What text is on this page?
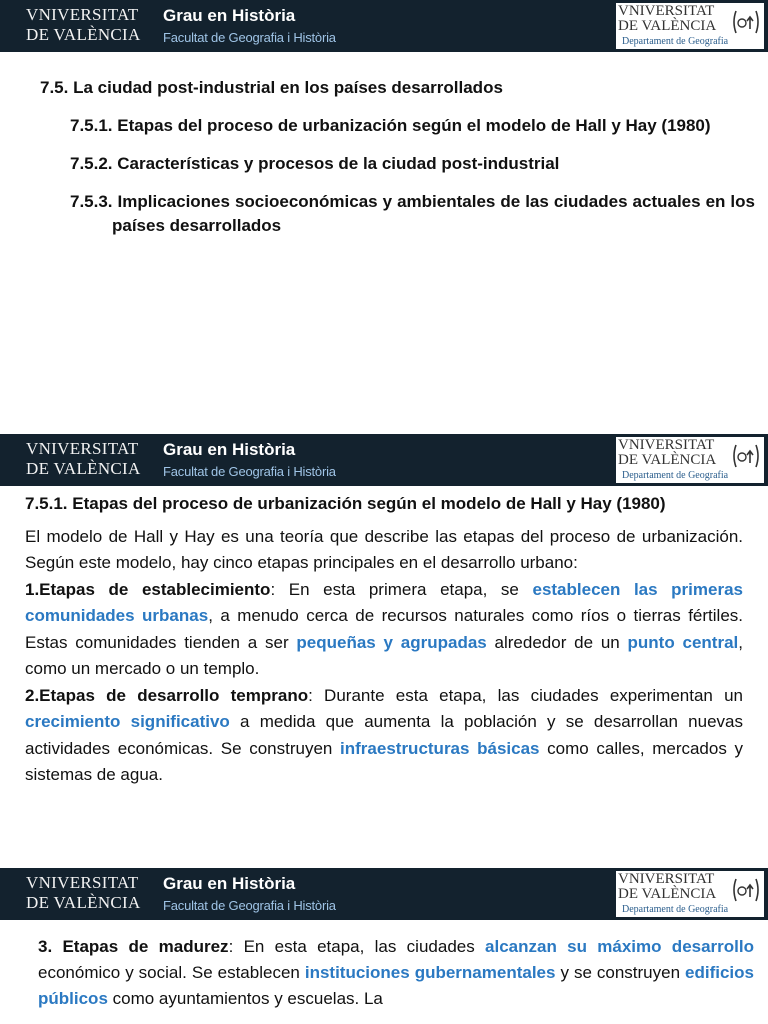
VNIVERSITAT
DE VALÈNCIA
Grau en Història
Facultat de Geografia i Història
VNIVERSITAT
DE VALÈNCIA
Departament de Geografia

7.5. La ciudad post-industrial en los países desarrollados

7.5.1. Etapas del proceso de urbanización según el modelo de Hall y Hay (1980)

7.5.2. Características y procesos de la ciudad post-industrial

7.5.3. Implicaciones socioeconómicas y ambientales de las ciudades actuales en los países desarrollados

VNIVERSITAT
DE VALÈNCIA
Grau en Història
Facultat de Geografia i Història
VNIVERSITAT
DE VALÈNCIA
Departament de Geografia

7.5.1. Etapas del proceso de urbanización según el modelo de Hall y Hay (1980)

El modelo de Hall y Hay es una teoría que describe las etapas del proceso de urbanización. Según este modelo, hay cinco etapas principales en el desarrollo urbano:

1.Etapas de establecimiento: En esta primera etapa, se establecen las primeras comunidades urbanas, a menudo cerca de recursos naturales como ríos o tierras fértiles. Estas comunidades tienden a ser pequeñas y agrupadas alrededor de un punto central, como un mercado o un templo.

2.Etapas de desarrollo temprano: Durante esta etapa, las ciudades experimentan un crecimiento significativo a medida que aumenta la población y se desarrollan nuevas actividades económicas. Se construyen infraestructuras básicas como calles, mercados y sistemas de agua.

VNIVERSITAT
DE VALÈNCIA
Grau en Història
Facultat de Geografia i Història
VNIVERSITAT
DE VALÈNCIA
Departament de Geografia

3. Etapas de madurez: En esta etapa, las ciudades alcanzan su máximo desarrollo económico y social. Se establecen instituciones gubernamentales y se construyen edificios públicos como ayuntamientos y escuelas. La
